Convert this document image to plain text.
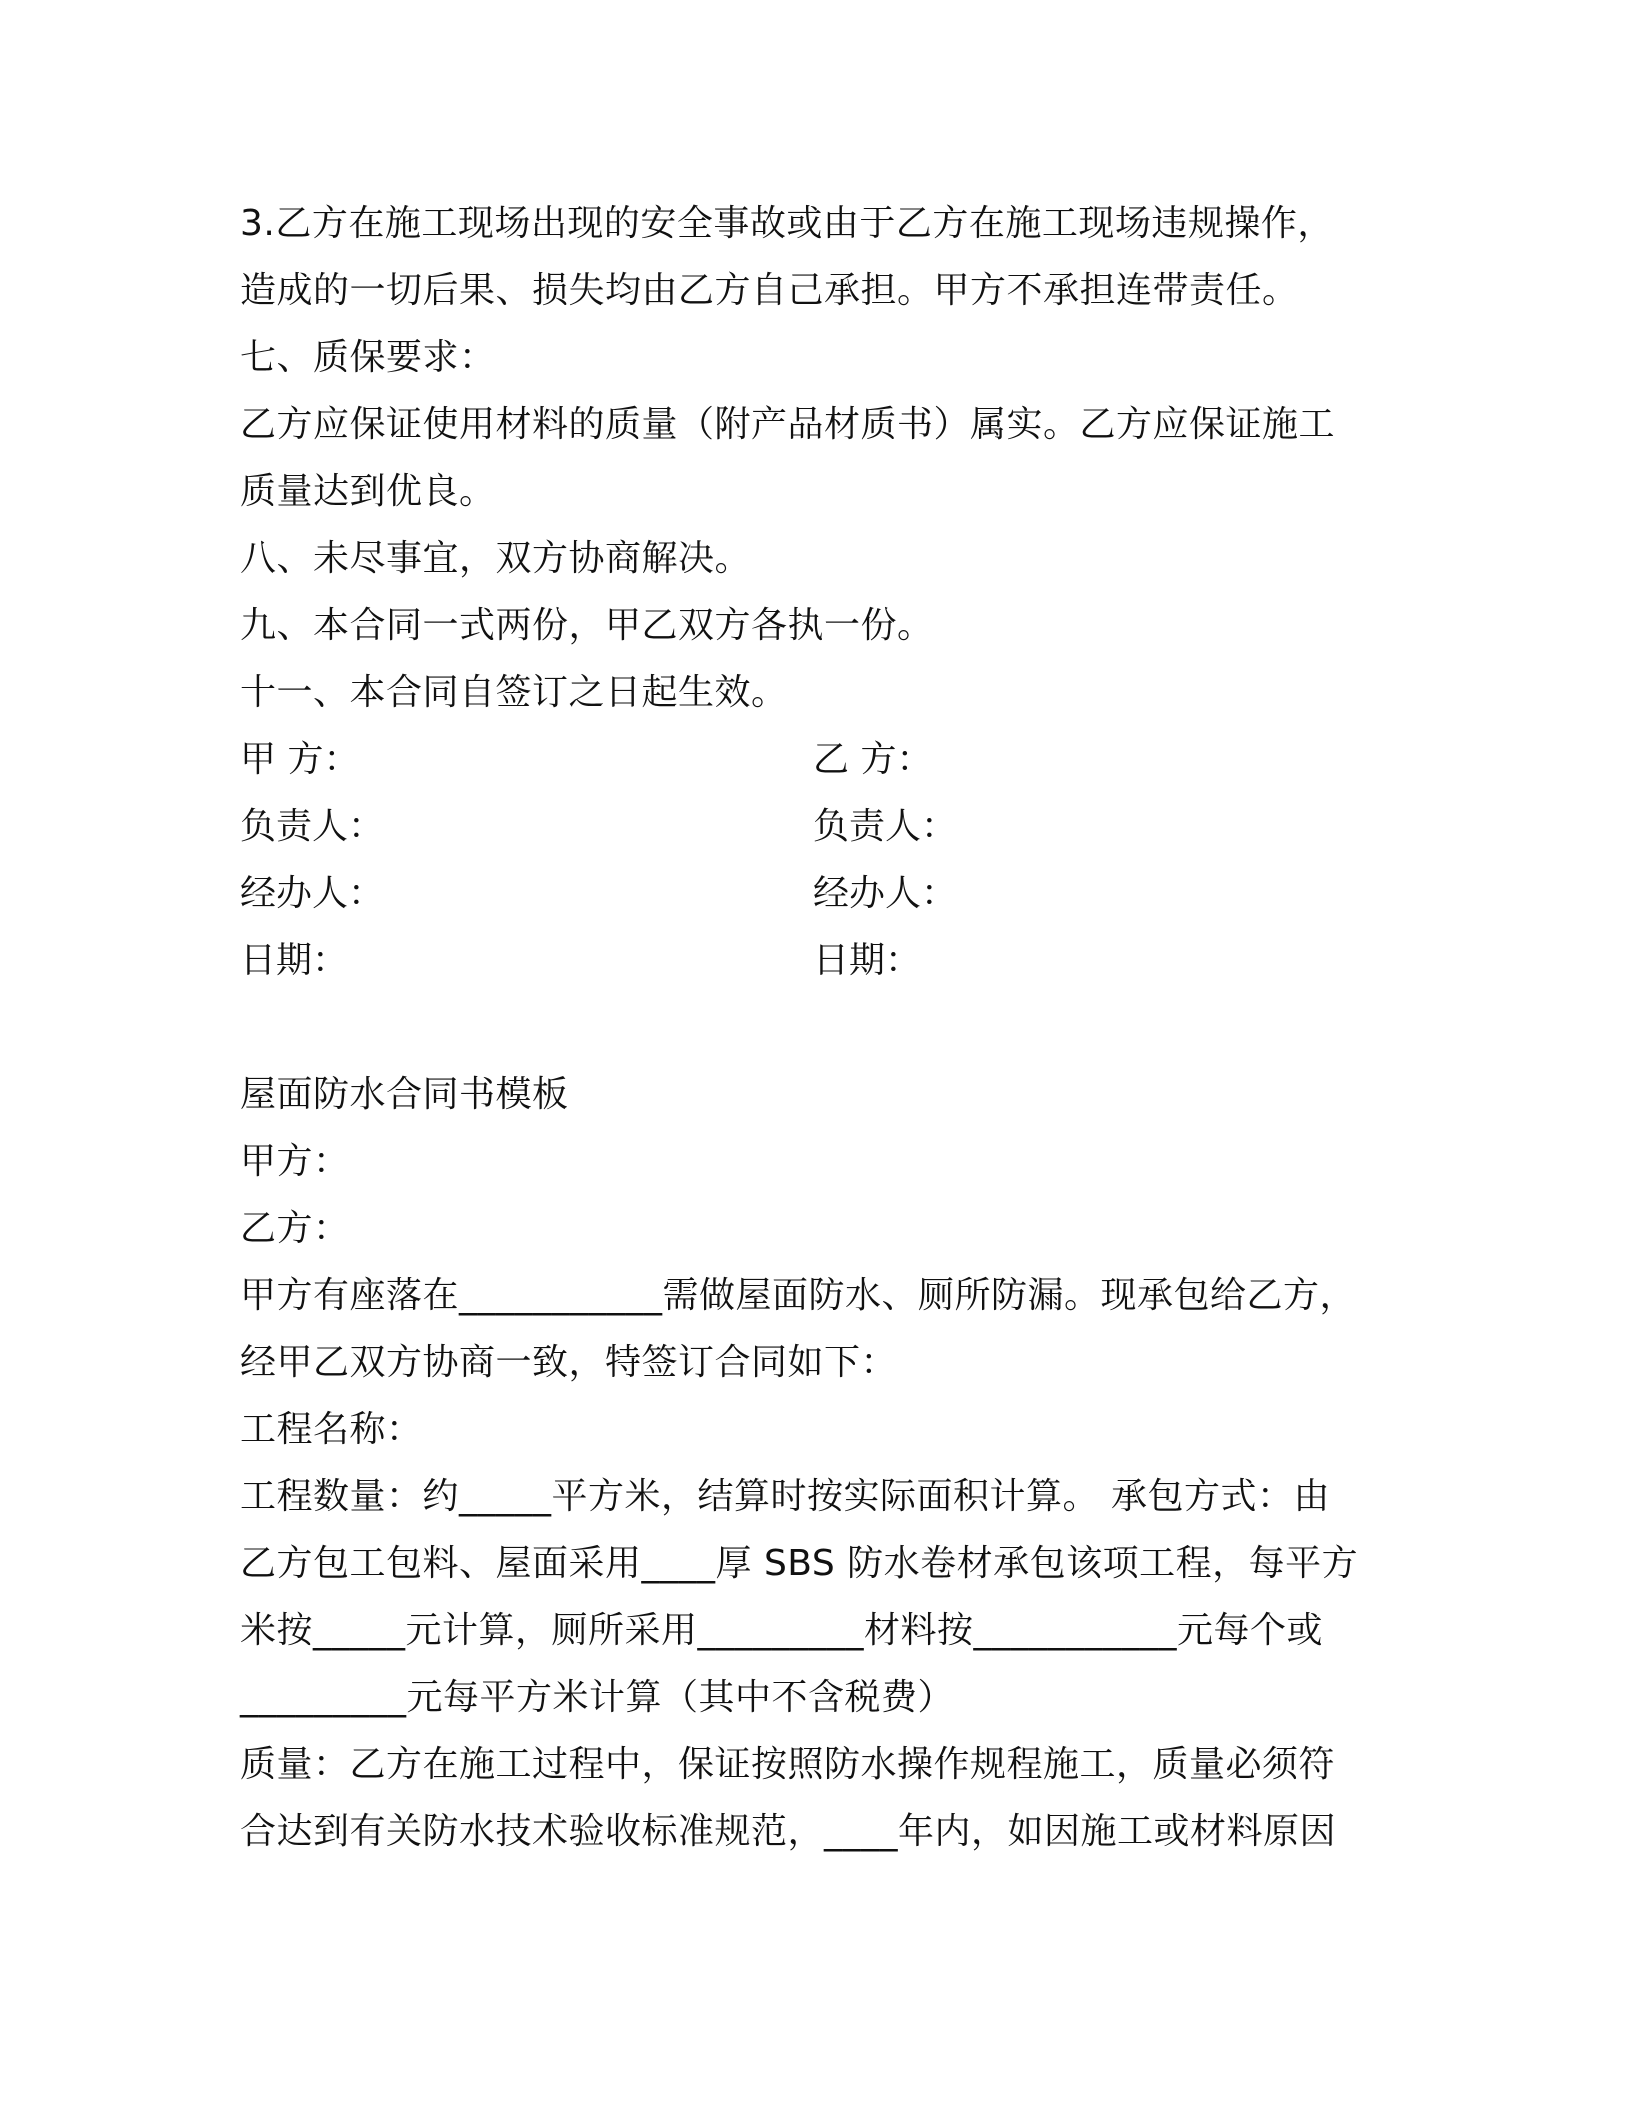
3.乙方在施工现场出现的安全事故或由于乙方在施工现场违规操作，
造成的一切后果、损失均由乙方自己承担。甲方不承担连带责任。
七、质保要求：
乙方应保证使用材料的质量（附产品材质书）属实。乙方应保证施工
质量达到优良。
八、未尽事宜，双方协商解决。
九、本合同一式两份，甲乙双方各执一份。
十一、本合同自签订之日起生效。
甲 方：	乙 方：
负责人：	负责人：
经办人：	经办人：
日期：	日期：
屋面防水合同书模板
甲方：
乙方：
甲方有座落在___________需做屋面防水、厕所防漏。现承包给乙方，
经甲乙双方协商一致，特签订合同如下：
工程名称：
工程数量：约_____平方米，结算时按实际面积计算。 承包方式：由
乙方包工包料、屋面采用____厚 SBS 防水卷材承包该项工程，每平方
米按_____元计算，厕所采用_________材料按___________元每个或
_________元每平方米计算（其中不含税费）
质量：乙方在施工过程中，保证按照防水操作规程施工，质量必须符
合达到有关防水技术验收标准规范，____年内，如因施工或材料原因
